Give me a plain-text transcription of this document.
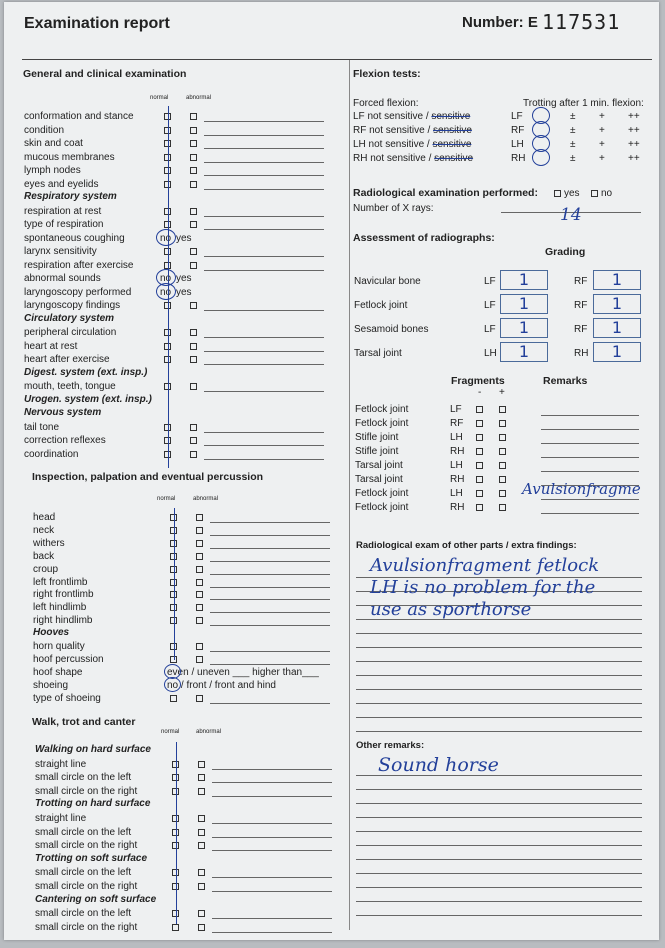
Examination report	Number: E 117531
General and clinical examination
normal	abnormal
conformation and stance
condition
skin and coat
mucous membranes
lymph nodes
eyes and eyelids
Respiratory system
respiration at rest
type of respiration
spontaneous coughing	no yes
larynx sensitivity
respiration after exercise
abnormal sounds	no yes
laryngoscopy performed	no yes
laryngoscopy findings
Circulatory system
peripheral circulation
heart at rest
heart after exercise
Digest. system (ext. insp.)
mouth, teeth, tongue
Urogen. system (ext. insp.)
Nervous system
tail tone
correction reflexes
coordination
Inspection, palpation and eventual percussion
normal	abnormal
head
neck
withers
back
croup
left frontlimb
right frontlimb
left hindlimb
right hindlimb
Hooves
horn quality
hoof percussion
hoof shape	even / uneven ___ higher than___
shoeing	no / front / front and hind
type of shoeing
Walk, trot and canter
normal	abnormal
Walking on hard surface
straight line
small circle on the left
small circle on the right
Trotting on hard surface
straight line
small circle on the left
small circle on the right
Trotting on soft surface
small circle on the left
small circle on the right
Cantering on soft surface
small circle on the left
small circle on the right
Flexion tests:
Forced flexion:	Trotting after 1 min. flexion:
LF not sensitive / sensitive	LF	± + ++
RF not sensitive / sensitive	RF	± + ++
LH not sensitive / sensitive	LH	± + ++
RH not sensitive / sensitive	RH	± + ++
Radiological examination performed:	yes no
Number of X rays:	14
Assessment of radiographs:
Grading
Navicular bone	LF	1	RF	1
Fetlock joint	LF	1	RF	1
Sesamoid bones	LF	1	RF	1
Tarsal joint	LH	1	RH	1
Fragments	Remarks
- +
Fetlock joint	LF
Fetlock joint	RF
Stifle joint	LH
Stifle joint	RH
Tarsal joint	LH
Tarsal joint	RH
Fetlock joint	LH	Avulsionfragme
Fetlock joint	RH
Radiological exam of other parts / extra findings:
Avulsionfragment fetlock
LH is no problem for the
use as sporthorse
Other remarks:
Sound horse
